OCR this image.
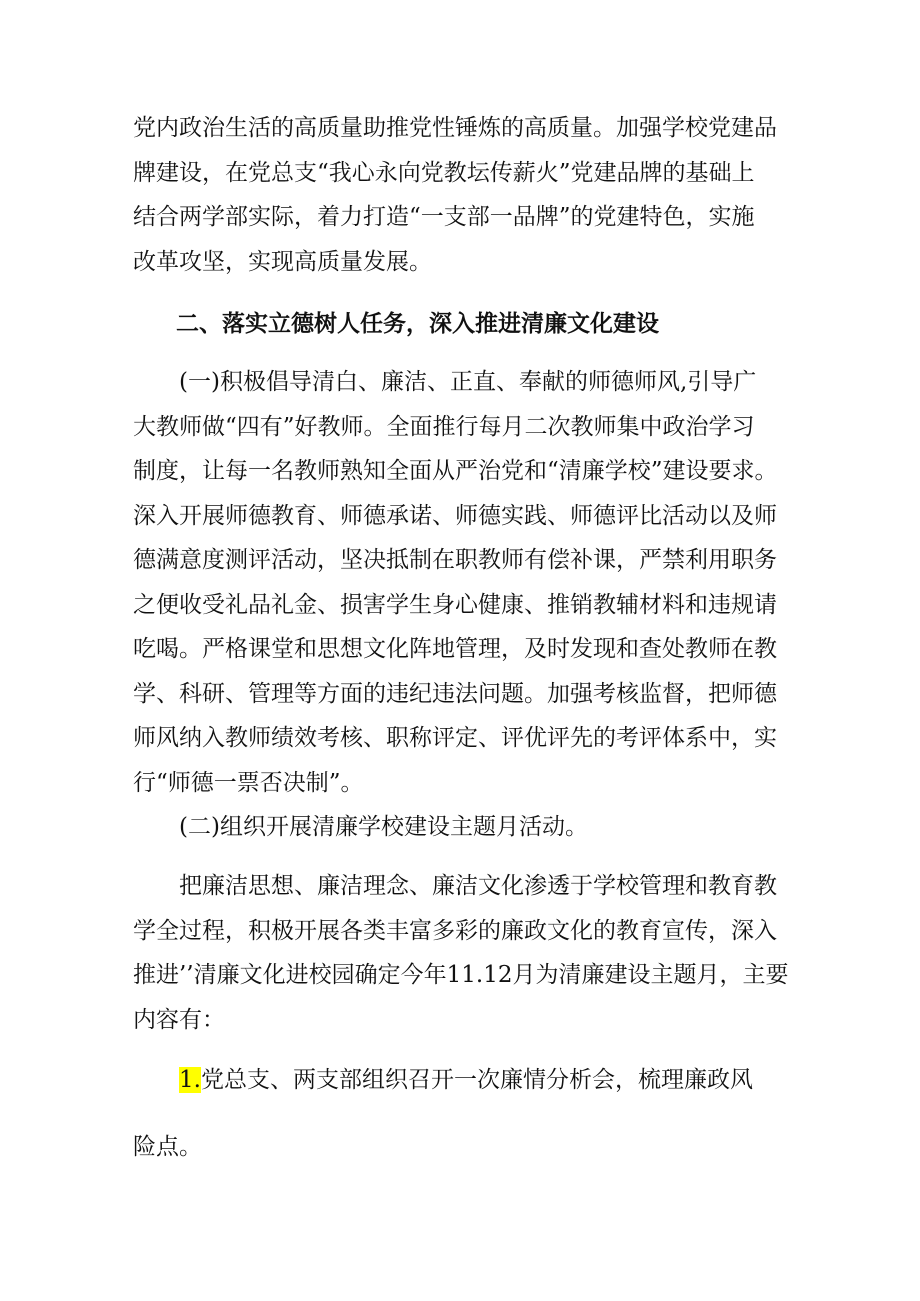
党内政治生活的高质量助推党性锤炼的高质量。加强学校党建品
牌建设，在党总支“我心永向党教坛传薪火”党建品牌的基础上
结合两学部实际，着力打造“一支部一品牌”的党建特色，实施
改革攻坚，实现高质量发展。
二、落实立德树人任务，深入推进清廉文化建设
(一)积极倡导清白、廉洁、正直、奉献的师德师风,引导广
大教师做“四有”好教师。全面推行每月二次教师集中政治学习
制度，让每一名教师熟知全面从严治党和“清廉学校”建设要求。
深入开展师德教育、师德承诺、师德实践、师德评比活动以及师
德满意度测评活动，坚决抵制在职教师有偿补课，严禁利用职务
之便收受礼品礼金、损害学生身心健康、推销教辅材料和违规请
吃喝。严格课堂和思想文化阵地管理，及时发现和查处教师在教
学、科研、管理等方面的违纪违法问题。加强考核监督，把师德
师风纳入教师绩效考核、职称评定、评优评先的考评体系中，实
行“师德一票否决制”。
(二)组织开展清廉学校建设主题月活动。
把廉洁思想、廉洁理念、廉洁文化渗透于学校管理和教育教
学全过程，积极开展各类丰富多彩的廉政文化的教育宣传，深入
推进’’清廉文化进校园确定今年11.12月为清廉建设主题月，主要
内容有：
1.党总支、两支部组织召开一次廉情分析会，梳理廉政风
险点。
